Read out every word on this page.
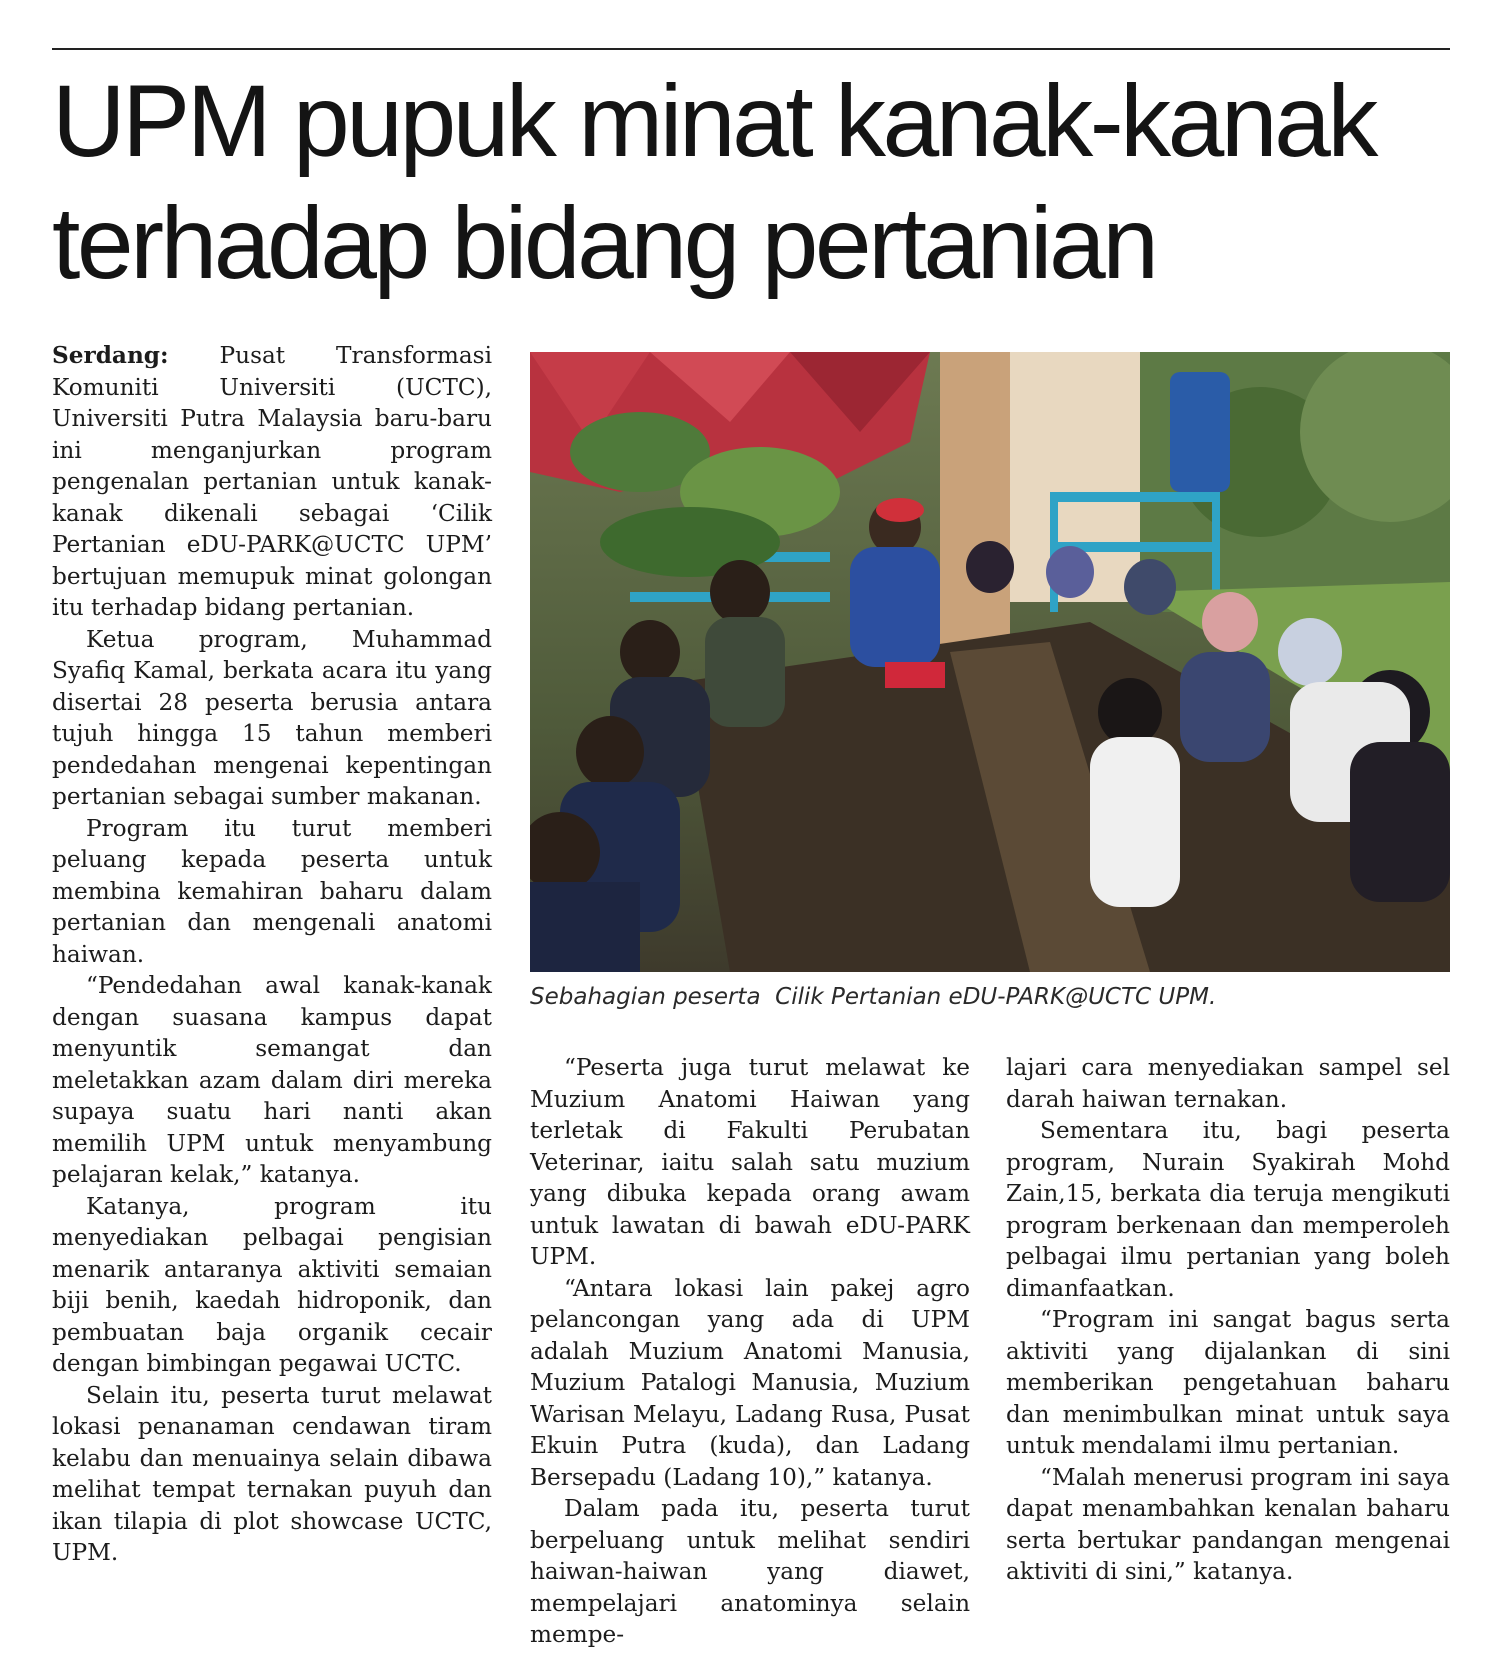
UPM pupuk minat kanak-kanak
terhadap bidang pertanian

Serdang: Pusat Transformasi Komuniti Universiti (UCTC), Universiti Putra Malaysia baru-baru ini menganjurkan program pengenalan pertanian untuk kanak-kanak dikenali sebagai ‘Cilik Pertanian eDU-PARK@UCTC UPM’ bertujuan memupuk minat golongan itu terhadap bidang pertanian.

Ketua program, Muhammad Syafiq Kamal, berkata acara itu yang disertai 28 peserta berusia antara tujuh hingga 15 tahun memberi pendedahan mengenai kepentingan pertanian sebagai sumber makanan.

Program itu turut memberi peluang kepada peserta untuk membina kemahiran baharu dalam pertanian dan mengenali anatomi haiwan.

“Pendedahan awal kanak-kanak dengan suasana kampus dapat menyuntik semangat dan meletakkan azam dalam diri mereka supaya suatu hari nanti akan memilih UPM untuk menyambung pelajaran kelak,” katanya.

Katanya, program itu menyediakan pelbagai pengisian menarik antaranya aktiviti semaian biji benih, kaedah hidroponik, dan pembuatan baja organik cecair dengan bimbingan pegawai UCTC.

Selain itu, peserta turut melawat lokasi penanaman cendawan tiram kelabu dan menuainya selain dibawa melihat tempat ternakan puyuh dan ikan tilapia di plot showcase UCTC, UPM.

Sebahagian peserta  Cilik Pertanian eDU-PARK@UCTC UPM.

“Peserta juga turut melawat ke Muzium Anatomi Haiwan yang terletak di Fakulti Perubatan Veterinar, iaitu salah satu muzium yang dibuka kepada orang awam untuk lawatan di bawah eDU-PARK UPM.

“Antara lokasi lain pakej agro pelancongan yang ada di UPM adalah Muzium Anatomi Manusia, Muzium Patalogi Manusia, Muzium Warisan Melayu, Ladang Rusa, Pusat Ekuin Putra (kuda), dan Ladang Bersepadu (Ladang 10),” katanya.

Dalam pada itu, peserta turut berpeluang untuk melihat sendiri haiwan-haiwan yang diawet, mempelajari anatominya selain mempe-

lajari cara menyediakan sampel sel darah haiwan ternakan.

Sementara itu, bagi peserta program, Nurain Syakirah Mohd Zain,15, berkata dia teruja mengikuti program berkenaan dan memperoleh pelbagai ilmu pertanian yang boleh dimanfaatkan.

“Program ini sangat bagus serta aktiviti yang dijalankan di sini memberikan pengetahuan baharu dan menimbulkan minat untuk saya untuk mendalami ilmu pertanian.

“Malah menerusi program ini saya dapat menambahkan kenalan baharu serta bertukar pandangan mengenai aktiviti di sini,” katanya.
